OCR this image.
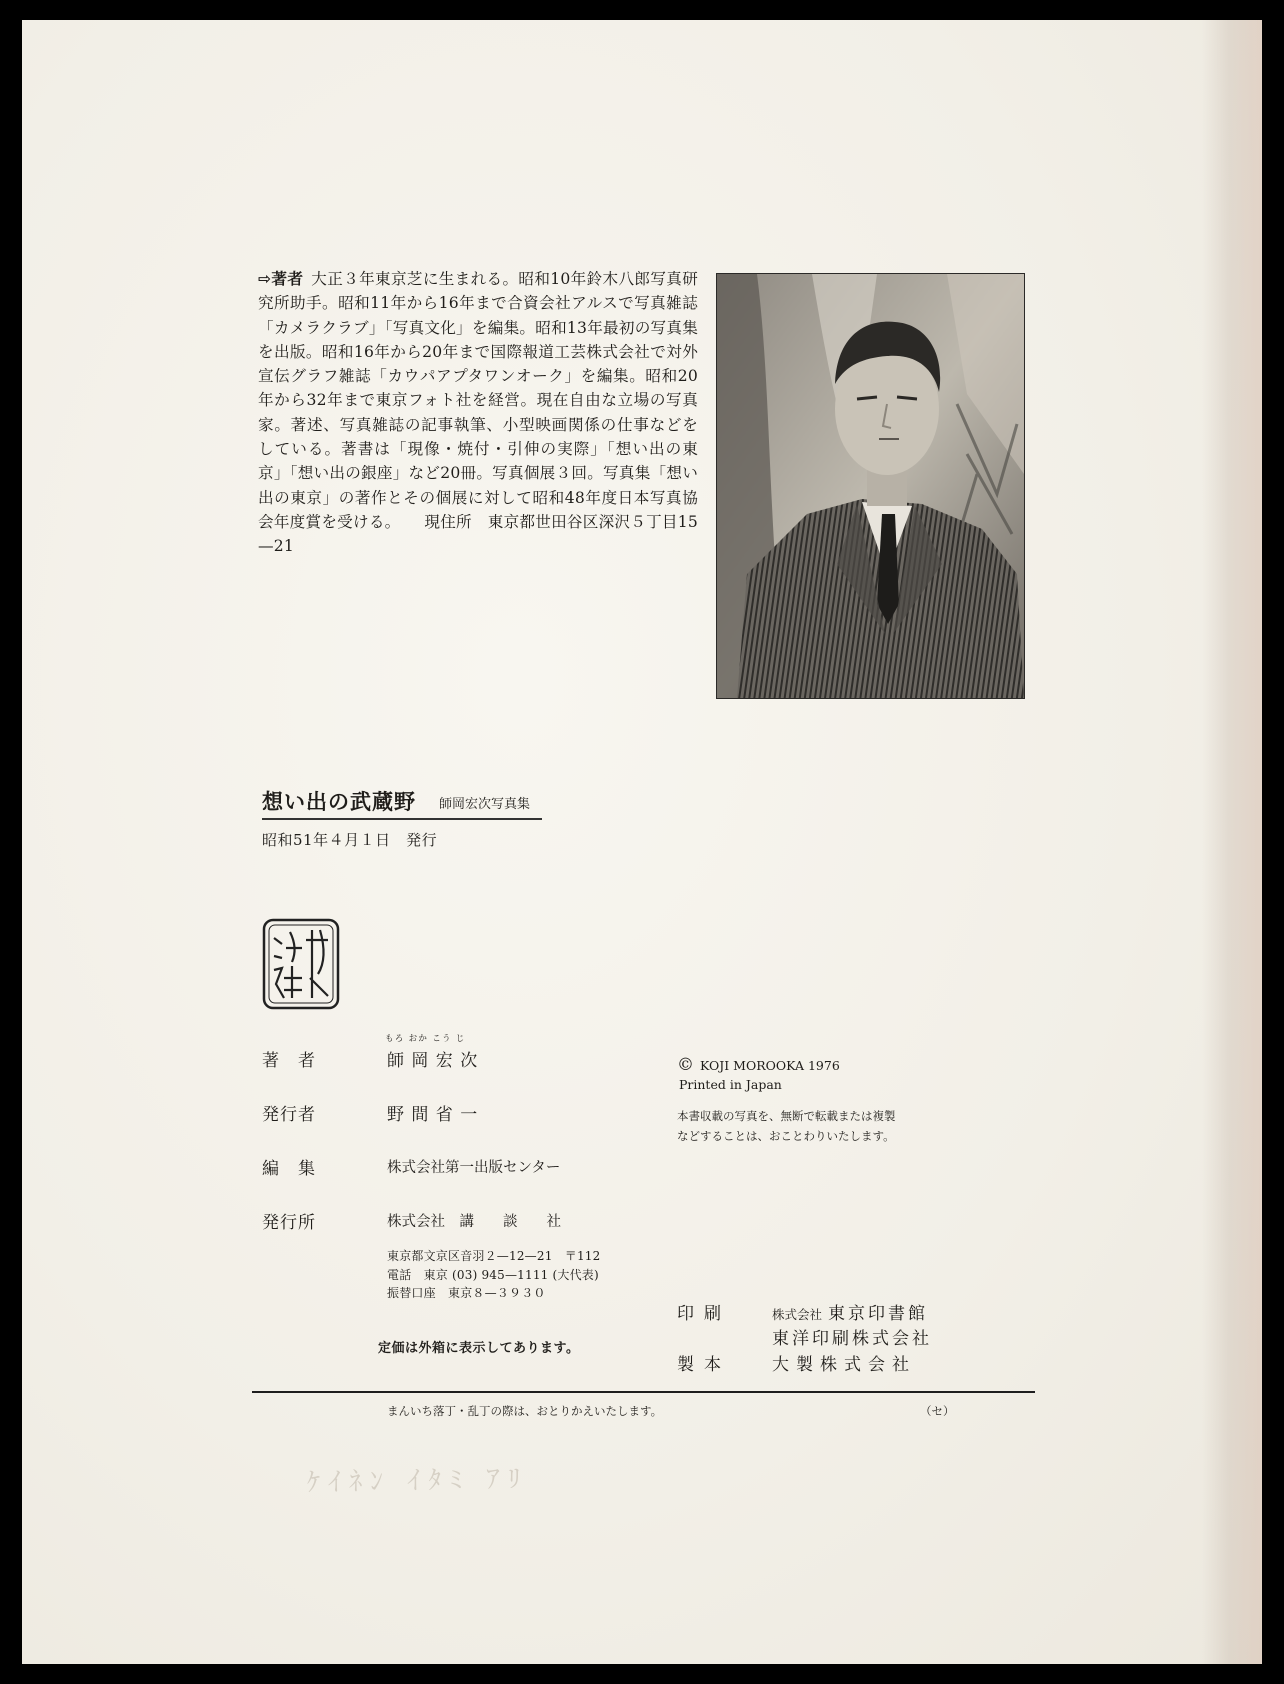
⇨著者 大正３年東京芝に生まれる。昭和10年鈴木八郎写真研究所助手。昭和11年から16年まで合資会社アルスで写真雑誌「カメラクラブ」「写真文化」を編集。昭和13年最初の写真集を出版。昭和16年から20年まで国際報道工芸株式会社で対外宣伝グラフ雑誌「カウパアプタワンオーク」を編集。昭和20年から32年まで東京フォト社を経営。現在自由な立場の写真家。著述、写真雑誌の記事執筆、小型映画関係の仕事などをしている。著書は「現像・焼付・引伸の実際」「想い出の東京」「想い出の銀座」など20冊。写真個展３回。写真集「想い出の東京」の著作とその個展に対して昭和48年度日本写真協会年度賞を受ける。　　現住所　東京都世田谷区深沢５丁目15—21

想い出の武蔵野 師岡宏次写真集
昭和51年４月１日　発行
もろ おか こう じ
著　者	師 岡 宏 次
発行者	野 間 省 一
編　集	株式会社第一出版センター
発行所	株式会社　講　　談　　社
東京都文京区音羽２—12—21　〒112
電話　東京 (03) 945—1111 (大代表)
振替口座　東京８—３９３０
定価は外箱に表示してあります。
© KOJI MOROOKA 1976
Printed in Japan
本書収載の写真を、無断で転載または複製
などすることは、おことわりいたします。
印刷	株式会社 東京印書館
東洋印刷株式会社
製本 大製株式会社
まんいち落丁・乱丁の際は、おとりかえいたします。	（セ）
ｹｲﾈﾝ ｲﾀﾐ ｱﾘ
